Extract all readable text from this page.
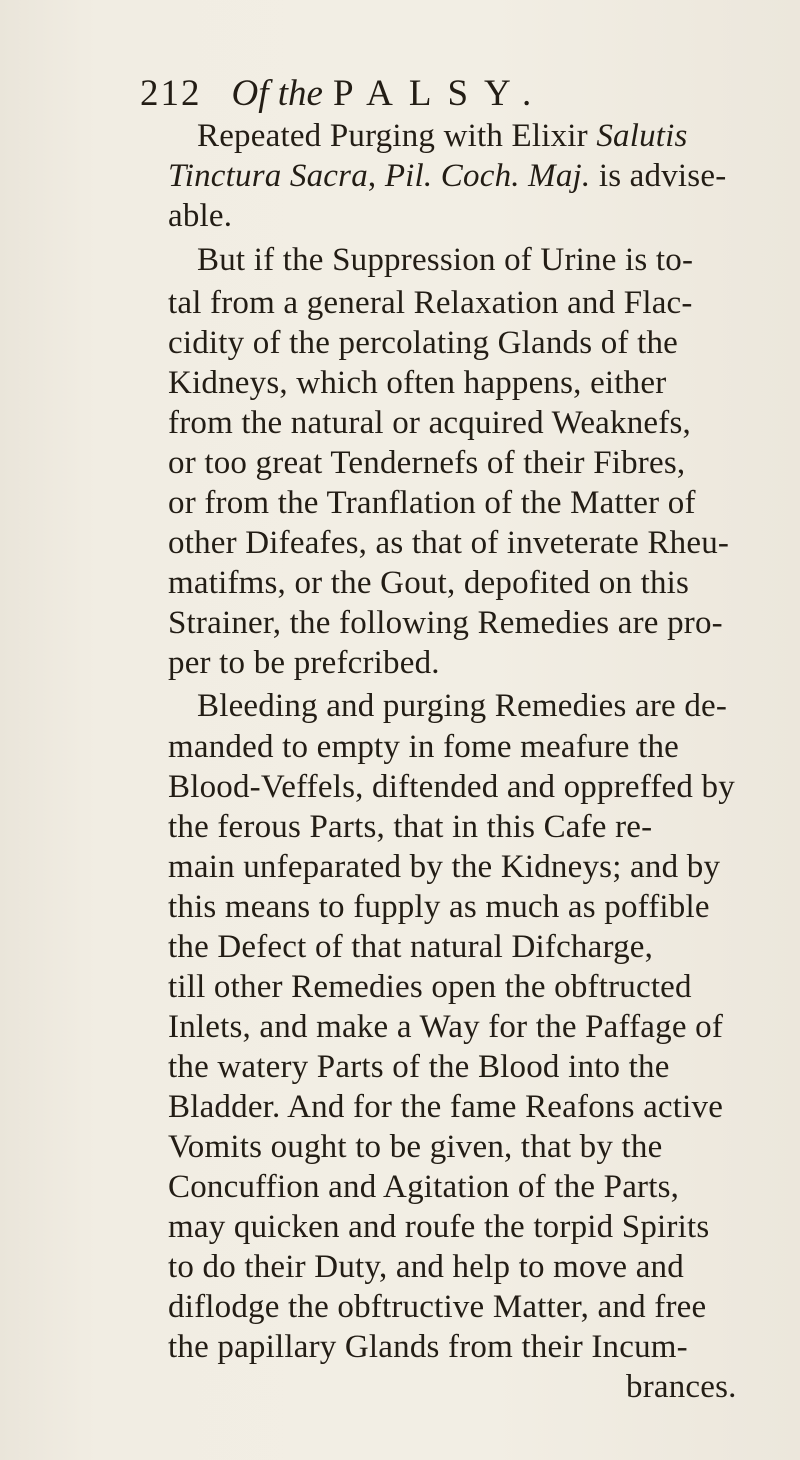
212 Of the PALSY.
Repeated Purging with Elixir Salutis
Tinctura Sacra, Pil. Coch. Maj. is advise-
able.
But if the Suppression of Urine is to-
tal from a general Relaxation and Flac-
cidity of the percolating Glands of the
Kidneys, which often happens, either
from the natural or acquired Weaknefs,
or too great Tendernefs of their Fibres,
or from the Tranflation of the Matter of
other Difeafes, as that of inveterate Rheu-
matifms, or the Gout, depofited on this
Strainer, the following Remedies are pro-
per to be prefcribed.
Bleeding and purging Remedies are de-
manded to empty in fome meafure the
Blood-Veffels, diftended and oppreffed by
the ferous Parts, that in this Cafe re-
main unfeparated by the Kidneys; and by
this means to fupply as much as poffible
the Defect of that natural Difcharge,
till other Remedies open the obftructed
Inlets, and make a Way for the Paffage of
the watery Parts of the Blood into the
Bladder. And for the fame Reafons active
Vomits ought to be given, that by the
Concuffion and Agitation of the Parts,
may quicken and roufe the torpid Spirits
to do their Duty, and help to move and
diflodge the obftructive Matter, and free
the papillary Glands from their Incum-
brances.
